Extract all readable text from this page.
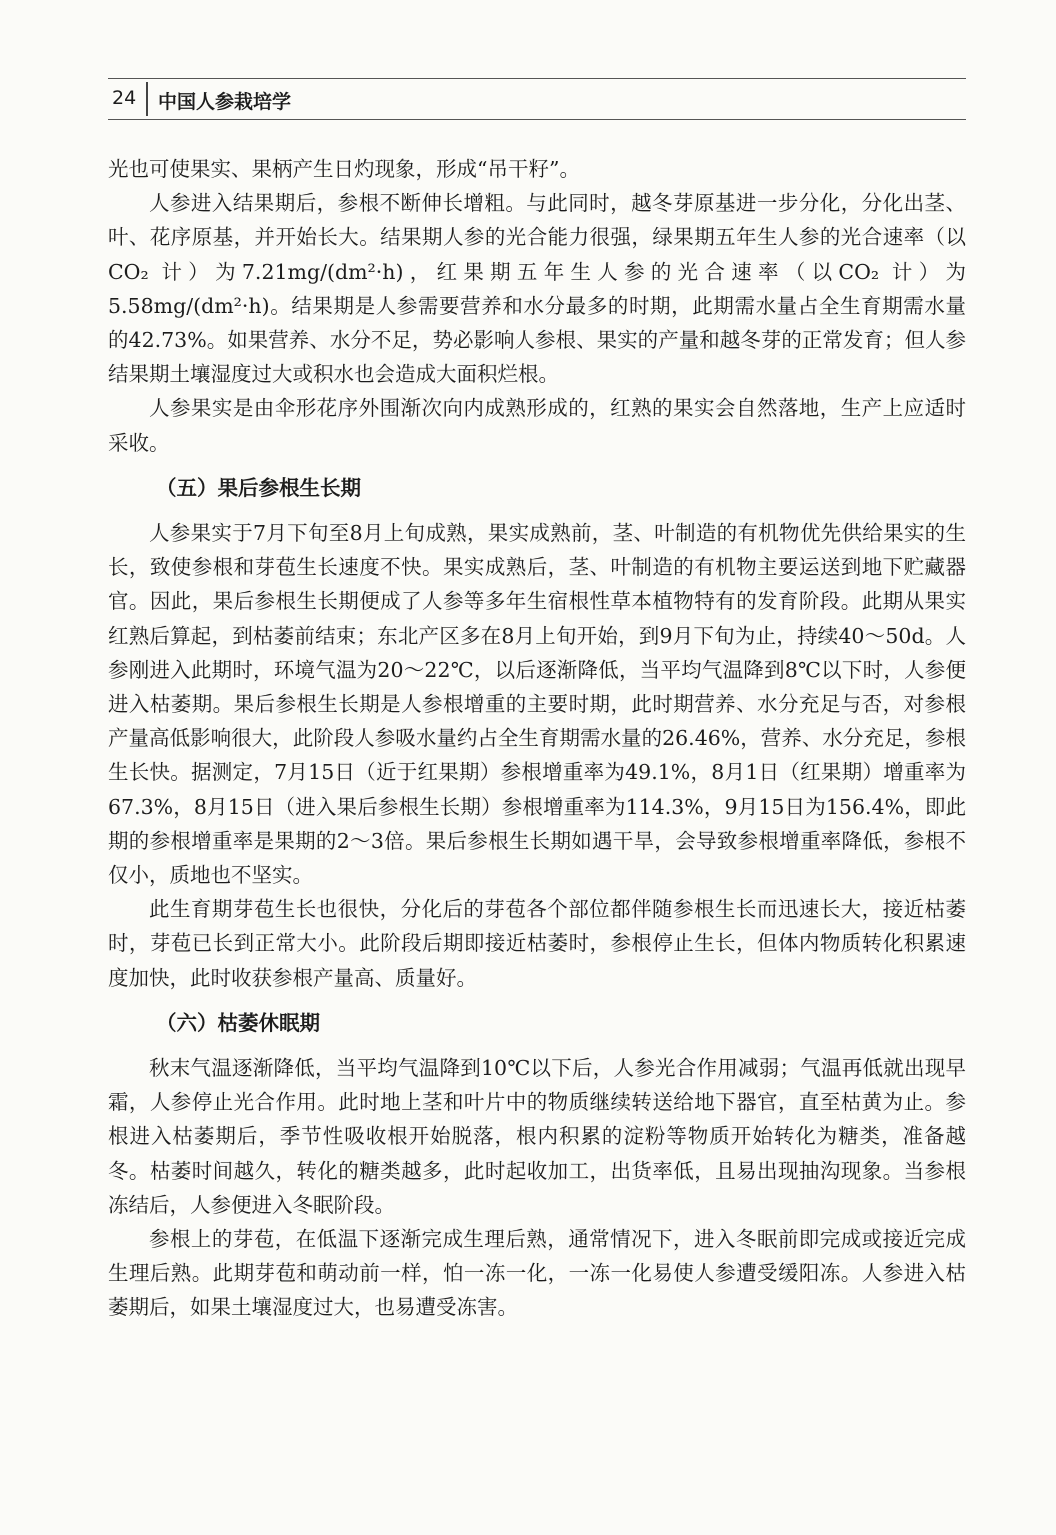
24 中国人参栽培学

光也可使果实、果柄产生日灼现象，形成“吊干籽”。

人参进入结果期后，参根不断伸长增粗。与此同时，越冬芽原基进一步分化，分化出茎、叶、花序原基，并开始长大。结果期人参的光合能力很强，绿果期五年生人参的光合速率（以CO₂ 计）为7.21mg/(dm²·h)，红果期五年生人参的光合速率（以CO₂ 计）为5.58mg/(dm²·h)。结果期是人参需要营养和水分最多的时期，此期需水量占全生育期需水量的42.73%。如果营养、水分不足，势必影响人参根、果实的产量和越冬芽的正常发育；但人参结果期土壤湿度过大或积水也会造成大面积烂根。

人参果实是由伞形花序外围渐次向内成熟形成的，红熟的果实会自然落地，生产上应适时采收。

（五）果后参根生长期

人参果实于7月下旬至8月上旬成熟，果实成熟前，茎、叶制造的有机物优先供给果实的生长，致使参根和芽苞生长速度不快。果实成熟后，茎、叶制造的有机物主要运送到地下贮藏器官。因此，果后参根生长期便成了人参等多年生宿根性草本植物特有的发育阶段。此期从果实红熟后算起，到枯萎前结束；东北产区多在8月上旬开始，到9月下旬为止，持续40～50d。人参刚进入此期时，环境气温为20～22℃，以后逐渐降低，当平均气温降到8℃以下时，人参便进入枯萎期。果后参根生长期是人参根增重的主要时期，此时期营养、水分充足与否，对参根产量高低影响很大，此阶段人参吸水量约占全生育期需水量的26.46%，营养、水分充足，参根生长快。据测定，7月15日（近于红果期）参根增重率为49.1%，8月1日（红果期）增重率为67.3%，8月15日（进入果后参根生长期）参根增重率为114.3%，9月15日为156.4%，即此期的参根增重率是果期的2～3倍。果后参根生长期如遇干旱，会导致参根增重率降低，参根不仅小，质地也不坚实。

此生育期芽苞生长也很快，分化后的芽苞各个部位都伴随参根生长而迅速长大，接近枯萎时，芽苞已长到正常大小。此阶段后期即接近枯萎时，参根停止生长，但体内物质转化积累速度加快，此时收获参根产量高、质量好。

（六）枯萎休眠期

秋末气温逐渐降低，当平均气温降到10℃以下后，人参光合作用减弱；气温再低就出现早霜，人参停止光合作用。此时地上茎和叶片中的物质继续转送给地下器官，直至枯黄为止。参根进入枯萎期后，季节性吸收根开始脱落，根内积累的淀粉等物质开始转化为糖类，准备越冬。枯萎时间越久，转化的糖类越多，此时起收加工，出货率低，且易出现抽沟现象。当参根冻结后，人参便进入冬眠阶段。

参根上的芽苞，在低温下逐渐完成生理后熟，通常情况下，进入冬眠前即完成或接近完成生理后熟。此期芽苞和萌动前一样，怕一冻一化，一冻一化易使人参遭受缓阳冻。人参进入枯萎期后，如果土壤湿度过大，也易遭受冻害。
